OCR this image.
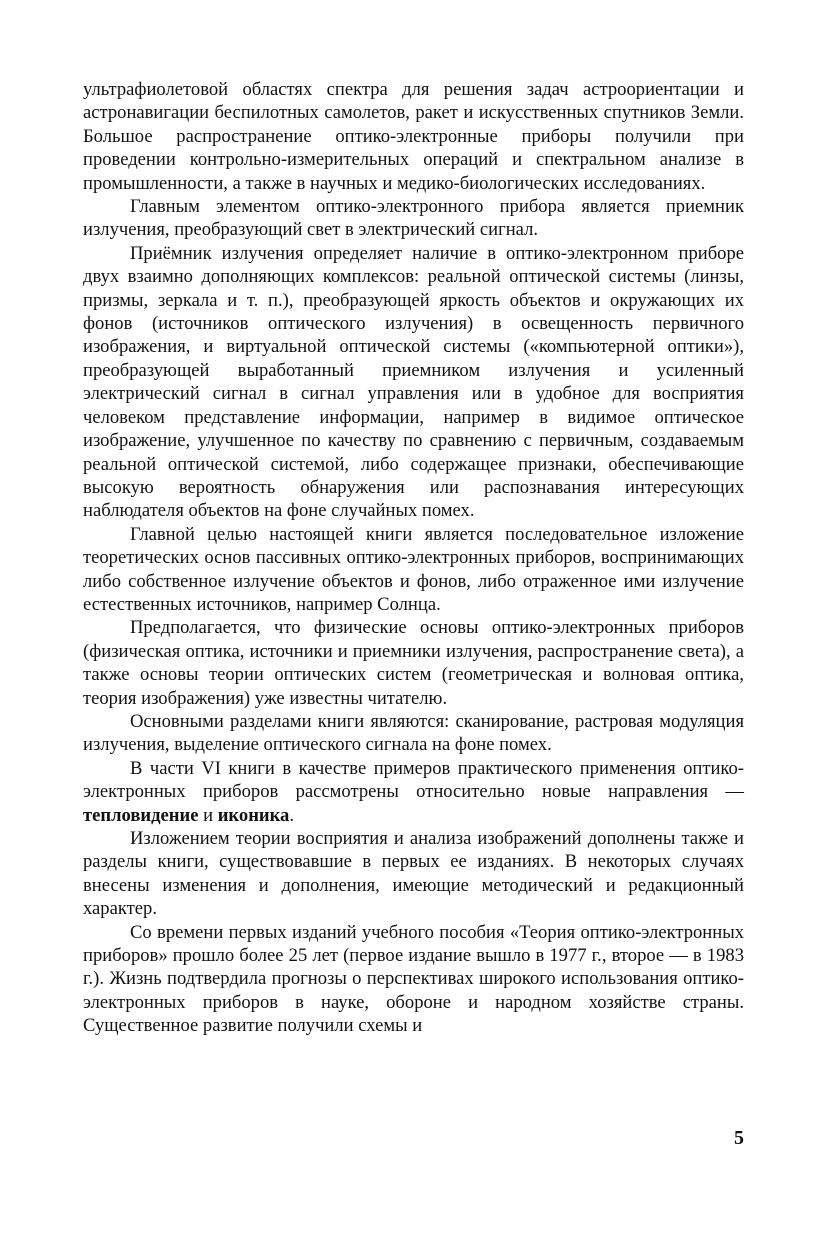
ультрафиолетовой областях спектра для решения задач астроориентации и астронавигации беспилотных самолетов, ракет и искусственных спутников Земли. Большое распространение оптико-электронные приборы получили при проведении контрольно-измерительных операций и спектральном анализе в промышленности, а также в научных и медико-биологических исследованиях.

Главным элементом оптико-электронного прибора является приемник излучения, преобразующий свет в электрический сигнал.

Приёмник излучения определяет наличие в оптико-электронном приборе двух взаимно дополняющих комплексов: реальной оптической системы (линзы, призмы, зеркала и т. п.), преобразующей яркость объектов и окружающих их фонов (источников оптического излучения) в освещенность первичного изображения, и виртуальной оптической системы («компьютерной оптики»), преобразующей выработанный приемником излучения и усиленный электрический сигнал в сигнал управления или в удобное для восприятия человеком представление информации, например в видимое оптическое изображение, улучшенное по качеству по сравнению с первичным, создаваемым реальной оптической системой, либо содержащее признаки, обеспечивающие высокую вероятность обнаружения или распознавания интересующих наблюдателя объектов на фоне случайных помех.

Главной целью настоящей книги является последовательное изложение теоретических основ пассивных оптико-электронных приборов, воспринимающих либо собственное излучение объектов и фонов, либо отраженное ими излучение естественных источников, например Солнца.

Предполагается, что физические основы оптико-электронных приборов (физическая оптика, источники и приемники излучения, распространение света), а также основы теории оптических систем (геометрическая и волновая оптика, теория изображения) уже известны читателю.

Основными разделами книги являются: сканирование, растровая модуляция излучения, выделение оптического сигнала на фоне помех.

В части VI книги в качестве примеров практического применения оптико-электронных приборов рассмотрены относительно новые направления — тепловидение и иконика.

Изложением теории восприятия и анализа изображений дополнены также и разделы книги, существовавшие в первых ее изданиях. В некоторых случаях внесены изменения и дополнения, имеющие методический и редакционный характер.

Со времени первых изданий учебного пособия «Теория оптико-электронных приборов» прошло более 25 лет (первое издание вышло в 1977 г., второе — в 1983 г.). Жизнь подтвердила прогнозы о перспективах широкого использования оптико-электронных приборов в науке, обороне и народном хозяйстве страны. Существенное развитие получили схемы и

5
